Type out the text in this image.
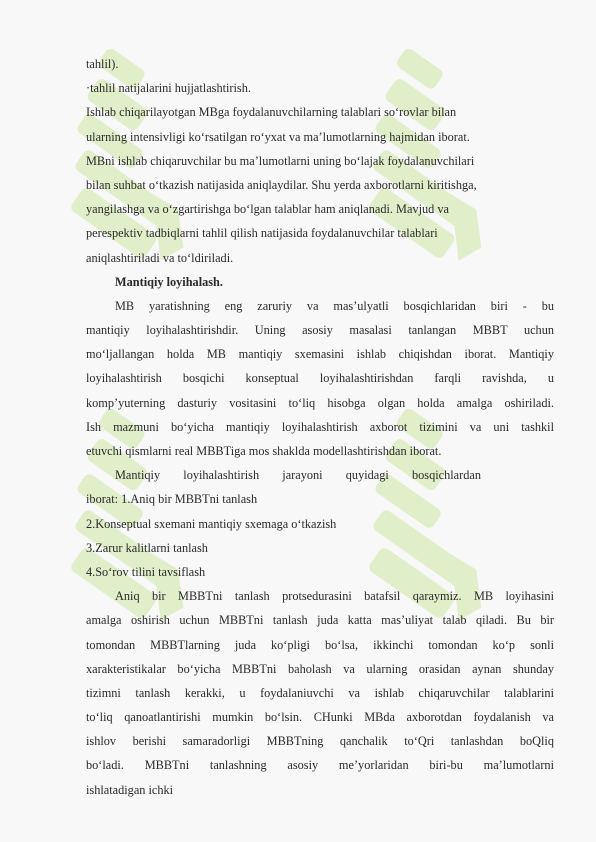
tahlil).
·tahlil natijalarini hujjatlashtirish.
Ishlab chiqarilayotgan MBga foydalanuvchilarning talablari so‘rovlar bilan
ularning intensivligi ko‘rsatilgan ro‘yxat va ma’lumotlarning hajmidan iborat.
MBni ishlab chiqaruvchilar bu ma’lumotlarni uning bo‘lajak foydalanuvchilari
bilan suhbat o‘tkazish natijasida aniqlaydilar. Shu yerda axborotlarni kiritishga,
yangilashga va o‘zgartirishga bo‘lgan talablar ham aniqlanadi. Mavjud va
perespektiv tadbiqlarni tahlil qilish natijasida foydalanuvchilar talablari
aniqlashtiriladi va to‘ldiriladi.
Mantiqiy loyihalash.
MB yaratishning eng zaruriy va mas’ulyatli bosqichlaridan biri - bu
mantiqiy loyihalashtirishdir. Uning asosiy masalasi tanlangan MBBT uchun
mo‘ljallangan holda MB mantiqiy sxemasini ishlab chiqishdan iborat. Mantiqiy
loyihalashtirish bosqichi konseptual loyihalashtirishdan farqli ravishda, u
komp’yuterning dasturiy vositasini to‘liq hisobga olgan holda amalga oshiriladi.
Ish mazmuni bo‘yicha mantiqiy loyihalashtirish axborot tizimini va uni tashkil
etuvchi qismlarni real MBBTiga mos shaklda modellashtirishdan iborat.
Mantiqiy loyihalashtirish jarayoni quyidagi bosqichlardan
iborat: 1.Aniq bir MBBTni tanlash
2.Konseptual sxemani mantiqiy sxemaga o‘tkazish
3.Zarur kalitlarni tanlash
4.So‘rov tilini tavsiflash
Aniq bir MBBTni tanlash protsedurasini batafsil qaraymiz. MB loyihasini
amalga oshirish uchun MBBTni tanlash juda katta mas’uliyat talab qiladi. Bu bir
tomondan MBBTlarning juda ko‘pligi bo‘lsa, ikkinchi tomondan ko‘p sonli
xarakteristikalar bo‘yicha MBBTni baholash va ularning orasidan aynan shunday
tizimni tanlash kerakki, u foydalaniuvchi va ishlab chiqaruvchilar talablarini
to‘liq qanoatlantirishi mumkin bo‘lsin. CHunki MBda axborotdan foydalanish va
ishlov berishi samaradorligi MBBTning qanchalik to‘Qri tanlashdan boQliq
bo‘ladi. MBBTni tanlashning asosiy me’yorlaridan biri-bu ma’lumotlarni
ishlatadigan ichki
